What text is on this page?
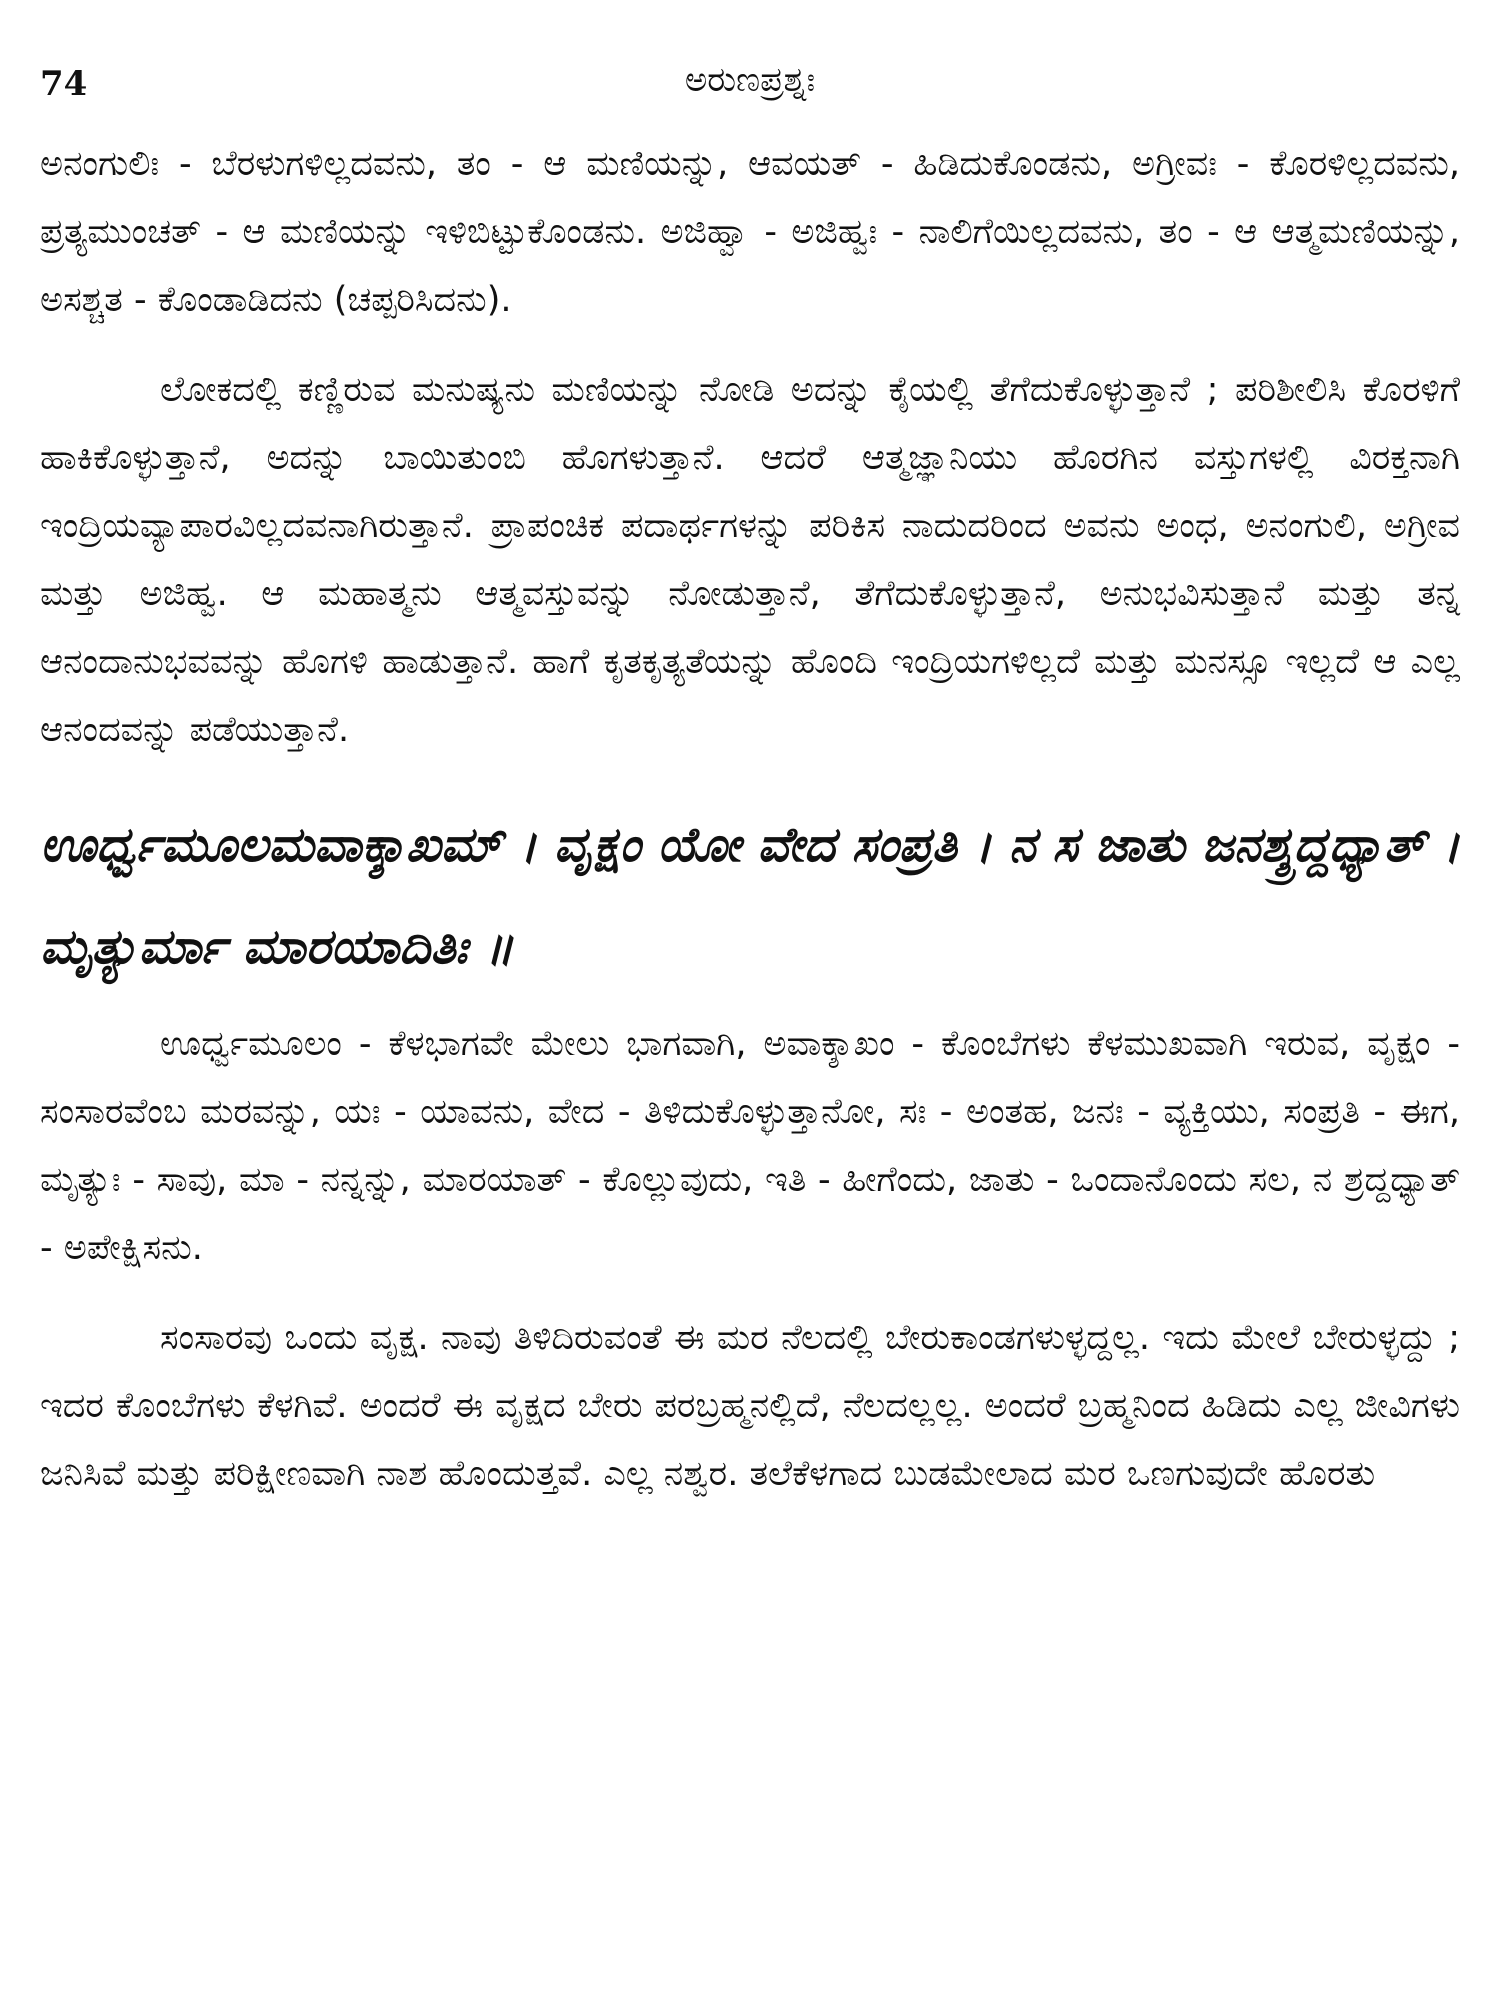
74	ಅರುಣಪ್ರಶ್ನಃ

ಅನಂಗುಲಿಃ - ಬೆರಳುಗಳಿಲ್ಲದವನು, ತಂ - ಆ ಮಣಿಯನ್ನು, ಆವಯತ್ - ಹಿಡಿದುಕೊಂಡನು, ಅಗ್ರೀವಃ - ಕೊರಳಿಲ್ಲದವನು, ಪ್ರತ್ಯಮುಂಚತ್ - ಆ ಮಣಿಯನ್ನು ಇಳಿಬಿಟ್ಟುಕೊಂಡನು. ಅಜಿಹ್ವಾ - ಅಜಿಹ್ವಃ - ನಾಲಿಗೆಯಿಲ್ಲದವನು, ತಂ - ಆ ಆತ್ಮಮಣಿಯನ್ನು, ಅಸಶ್ಚತ - ಕೊಂಡಾಡಿದನು (ಚಪ್ಪರಿಸಿದನು).

ಲೋಕದಲ್ಲಿ ಕಣ್ಣಿರುವ ಮನುಷ್ಯನು ಮಣಿಯನ್ನು ನೋಡಿ ಅದನ್ನು ಕೈಯಲ್ಲಿ ತೆಗೆದುಕೊಳ್ಳುತ್ತಾನೆ ; ಪರಿಶೀಲಿಸಿ ಕೊರಳಿಗೆ ಹಾಕಿಕೊಳ್ಳುತ್ತಾನೆ, ಅದನ್ನು ಬಾಯಿತುಂಬಿ ಹೊಗಳುತ್ತಾನೆ. ಆದರೆ ಆತ್ಮಜ್ಞಾನಿಯು ಹೊರಗಿನ ವಸ್ತುಗಳಲ್ಲಿ ವಿರಕ್ತನಾಗಿ ಇಂದ್ರಿಯವ್ಯಾಪಾರವಿಲ್ಲದವನಾಗಿರುತ್ತಾನೆ. ಪ್ರಾಪಂಚಿಕ ಪದಾರ್ಥಗಳನ್ನು ಪರಿಕಿಸ ನಾದುದರಿಂದ ಅವನು ಅಂಧ, ಅನಂಗುಲಿ, ಅಗ್ರೀವ ಮತ್ತು ಅಜಿಹ್ವ. ಆ ಮಹಾತ್ಮನು ಆತ್ಮವಸ್ತುವನ್ನು ನೋಡುತ್ತಾನೆ, ತೆಗೆದುಕೊಳ್ಳುತ್ತಾನೆ, ಅನುಭವಿಸುತ್ತಾನೆ ಮತ್ತು ತನ್ನ ಆನಂದಾನುಭವವನ್ನು ಹೊಗಳಿ ಹಾಡುತ್ತಾನೆ. ಹಾಗೆ ಕೃತಕೃತ್ಯತೆಯನ್ನು ಹೊಂದಿ ಇಂದ್ರಿಯಗಳಿಲ್ಲದೆ ಮತ್ತು ಮನಸ್ಸೂ ಇಲ್ಲದೆ ಆ ಎಲ್ಲ ಆನಂದವನ್ನು ಪಡೆಯುತ್ತಾನೆ.

ಊರ್ಧ್ವಮೂಲಮವಾಕ್ಶಾಖಮ್ । ವೃಕ್ಷಂ ಯೋ ವೇದ ಸಂಪ್ರತಿ । ನ ಸ ಜಾತು ಜನಶ್ಶ್ರದ್ದಧ್ಯಾತ್ । ಮೃತ್ಯುರ್ಮಾ ಮಾರಯಾದಿತಿಃ ॥

ಊರ್ಧ್ವಮೂಲಂ - ಕೆಳಭಾಗವೇ ಮೇಲು ಭಾಗವಾಗಿ, ಅವಾಕ್ಶಾಖಂ - ಕೊಂಬೆಗಳು ಕೆಳಮುಖವಾಗಿ ಇರುವ, ವೃಕ್ಷಂ - ಸಂಸಾರವೆಂಬ ಮರವನ್ನು, ಯಃ - ಯಾವನು, ವೇದ - ತಿಳಿದುಕೊಳ್ಳುತ್ತಾನೋ, ಸಃ - ಅಂತಹ, ಜನಃ - ವ್ಯಕ್ತಿಯು, ಸಂಪ್ರತಿ - ಈಗ, ಮೃತ್ಯುಃ - ಸಾವು, ಮಾ - ನನ್ನನ್ನು, ಮಾರಯಾತ್ - ಕೊಲ್ಲುವುದು, ಇತಿ - ಹೀಗೆಂದು, ಜಾತು - ಒಂದಾನೊಂದು ಸಲ, ನ ಶ್ರದ್ದಧ್ಯಾತ್ - ಅಪೇಕ್ಷಿಸನು.

ಸಂಸಾರವು ಒಂದು ವೃಕ್ಷ. ನಾವು ತಿಳಿದಿರುವಂತೆ ಈ ಮರ ನೆಲದಲ್ಲಿ ಬೇರುಕಾಂಡಗಳುಳ್ಳದ್ದಲ್ಲ. ಇದು ಮೇಲೆ ಬೇರುಳ್ಳದ್ದು ; ಇದರ ಕೊಂಬೆಗಳು ಕೆಳಗಿವೆ. ಅಂದರೆ ಈ ವೃಕ್ಷದ ಬೇರು ಪರಬ್ರಹ್ಮನಲ್ಲಿದೆ, ನೆಲದಲ್ಲಲ್ಲ. ಅಂದರೆ ಬ್ರಹ್ಮನಿಂದ ಹಿಡಿದು ಎಲ್ಲ ಜೀವಿಗಳು ಜನಿಸಿವೆ ಮತ್ತು ಪರಿಕ್ಷೀಣವಾಗಿ ನಾಶ ಹೊಂದುತ್ತವೆ. ಎಲ್ಲ ನಶ್ವರ. ತಲೆಕೆಳಗಾದ ಬುಡಮೇಲಾದ ಮರ ಒಣಗುವುದೇ ಹೊರತು
